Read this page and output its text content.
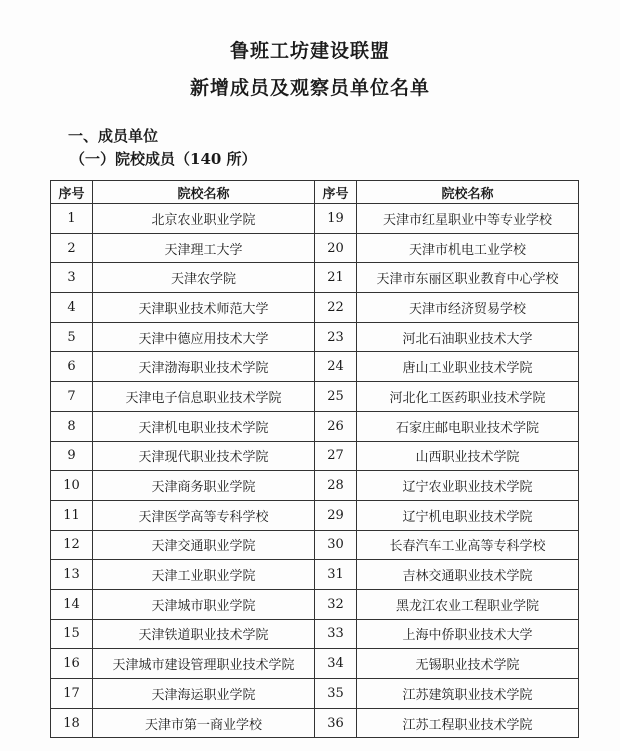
鲁班工坊建设联盟
新增成员及观察员单位名单
一、成员单位
（一）院校成员（140 所）
序号	院校名称	序号	院校名称
1	北京农业职业学院	19	天津市红星职业中等专业学校
2	天津理工大学	20	天津市机电工业学校
3	天津农学院	21	天津市东丽区职业教育中心学校
4	天津职业技术师范大学	22	天津市经济贸易学校
5	天津中德应用技术大学	23	河北石油职业技术大学
6	天津渤海职业技术学院	24	唐山工业职业技术学院
7	天津电子信息职业技术学院	25	河北化工医药职业技术学院
8	天津机电职业技术学院	26	石家庄邮电职业技术学院
9	天津现代职业技术学院	27	山西职业技术学院
10	天津商务职业学院	28	辽宁农业职业技术学院
11	天津医学高等专科学校	29	辽宁机电职业技术学院
12	天津交通职业学院	30	长春汽车工业高等专科学校
13	天津工业职业学院	31	吉林交通职业技术学院
14	天津城市职业学院	32	黑龙江农业工程职业学院
15	天津铁道职业技术学院	33	上海中侨职业技术大学
16	天津城市建设管理职业技术学院	34	无锡职业技术学院
17	天津海运职业学院	35	江苏建筑职业技术学院
18	天津市第一商业学校	36	江苏工程职业技术学院
